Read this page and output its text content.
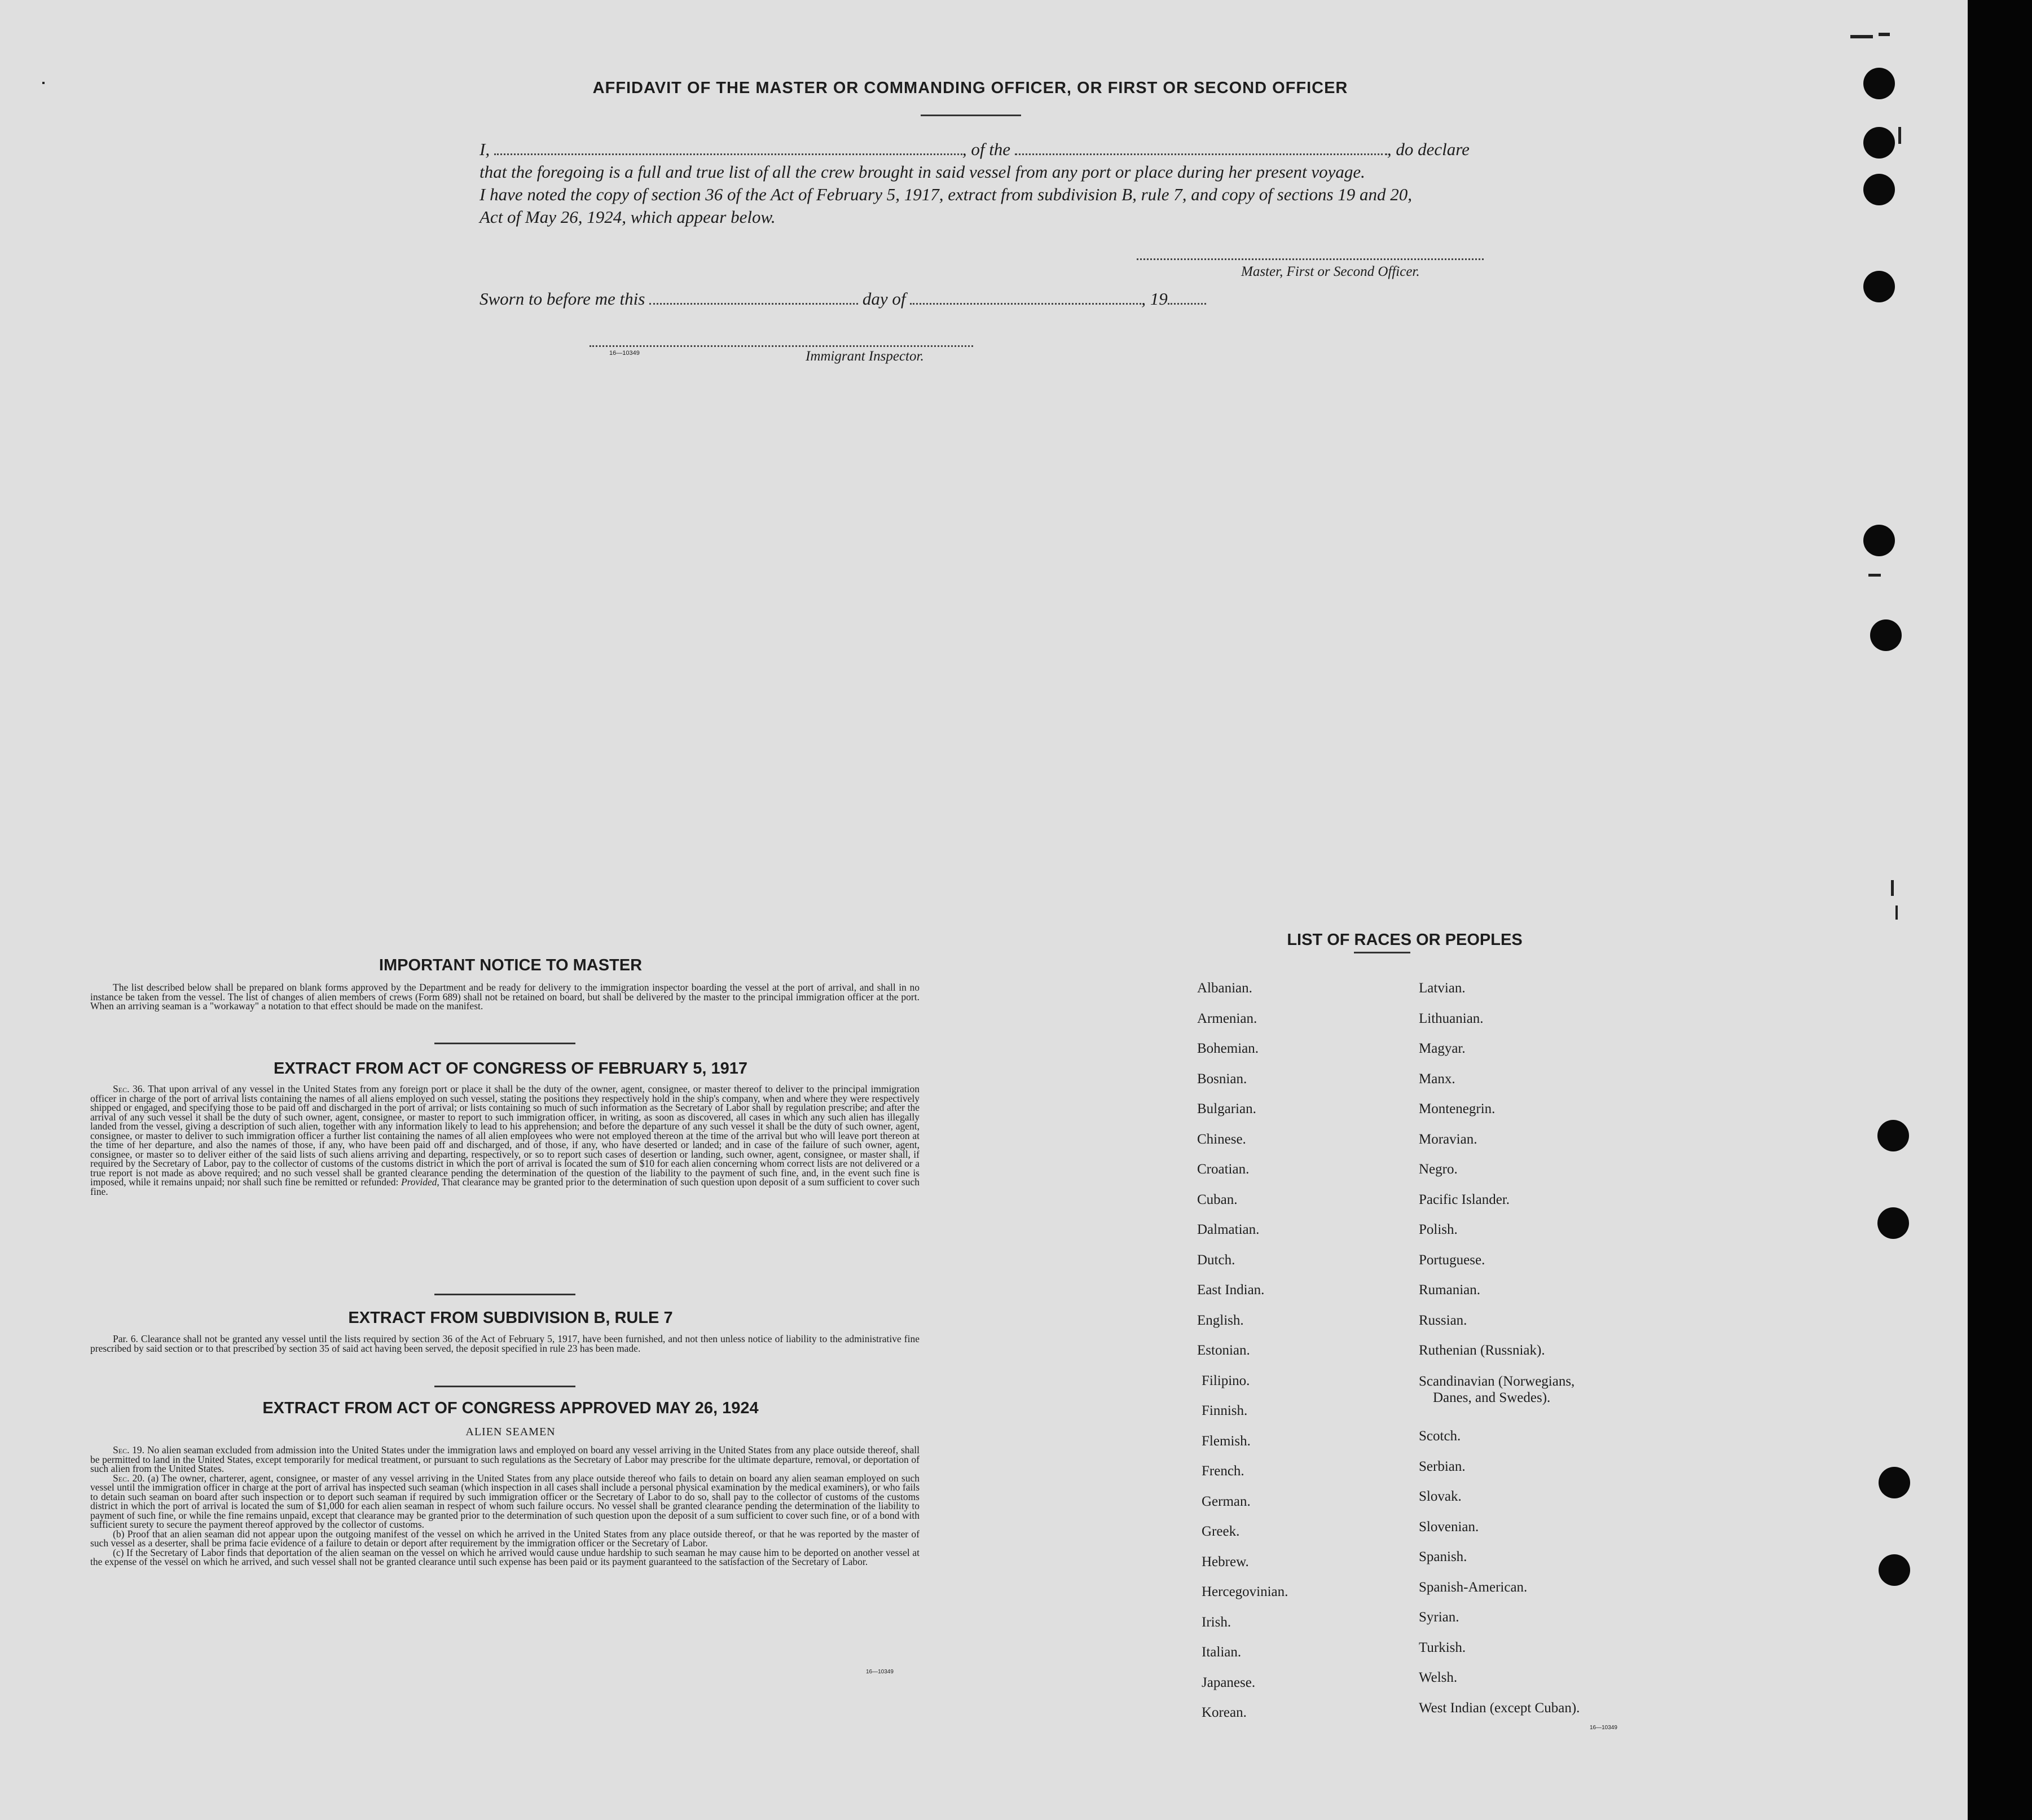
AFFIDAVIT OF THE MASTER OR COMMANDING OFFICER, OR FIRST OR SECOND OFFICER
I,	, of the	, do declare
that the foregoing is a full and true list of all the crew brought in said vessel from any port or place during her present voyage.
I have noted the copy of section 36 of the Act of February 5, 1917, extract from subdivision B, rule 7, and copy of sections 19 and 20,
Act of May 26, 1924, which appear below.
Master, First or Second Officer.
Sworn to before me this	day of	, 19
16—10349	Immigrant Inspector.
IMPORTANT NOTICE TO MASTER

The list described below shall be prepared on blank forms approved by the Department and be ready for delivery to the immigration inspector boarding the vessel at the port of arrival, and shall in no instance be taken from the vessel. The list of changes of alien members of crews (Form 689) shall not be retained on board, but shall be delivered by the master to the principal immigration officer at the port. When an arriving seaman is a "workaway" a notation to that effect should be made on the manifest.

EXTRACT FROM ACT OF CONGRESS OF FEBRUARY 5, 1917

Sec. 36. That upon arrival of any vessel in the United States from any foreign port or place it shall be the duty of the owner, agent, consignee, or master thereof to deliver to the principal immigration officer in charge of the port of arrival lists containing the names of all aliens employed on such vessel, stating the positions they respectively hold in the ship's company, when and where they were respectively shipped or engaged, and specifying those to be paid off and discharged in the port of arrival; or lists containing so much of such information as the Secretary of Labor shall by regulation prescribe; and after the arrival of any such vessel it shall be the duty of such owner, agent, consignee, or master to report to such immigration officer, in writing, as soon as discovered, all cases in which any such alien has illegally landed from the vessel, giving a description of such alien, together with any information likely to lead to his apprehension; and before the departure of any such vessel it shall be the duty of such owner, agent, consignee, or master to deliver to such immigration officer a further list containing the names of all alien employees who were not employed thereon at the time of the arrival but who will leave port thereon at the time of her departure, and also the names of those, if any, who have been paid off and discharged, and of those, if any, who have deserted or landed; and in case of the failure of such owner, agent, consignee, or master so to deliver either of the said lists of such aliens arriving and departing, respectively, or so to report such cases of desertion or landing, such owner, agent, consignee, or master shall, if required by the Secretary of Labor, pay to the collector of customs of the customs district in which the port of arrival is located the sum of $10 for each alien concerning whom correct lists are not delivered or a true report is not made as above required; and no such vessel shall be granted clearance pending the determination of the question of the liability to the payment of such fine, and, in the event such fine is imposed, while it remains unpaid; nor shall such fine be remitted or refunded: Provided, That clearance may be granted prior to the determination of such question upon deposit of a sum sufficient to cover such fine.

EXTRACT FROM SUBDIVISION B, RULE 7

Par. 6. Clearance shall not be granted any vessel until the lists required by section 36 of the Act of February 5, 1917, have been furnished, and not then unless notice of liability to the administrative fine prescribed by said section or to that prescribed by section 35 of said act having been served, the deposit specified in rule 23 has been made.

EXTRACT FROM ACT OF CONGRESS APPROVED MAY 26, 1924
ALIEN SEAMEN

Sec. 19. No alien seaman excluded from admission into the United States under the immigration laws and employed on board any vessel arriving in the United States from any place outside thereof, shall be permitted to land in the United States, except temporarily for medical treatment, or pursuant to such regulations as the Secretary of Labor may prescribe for the ultimate departure, removal, or deportation of such alien from the United States.

Sec. 20. (a) The owner, charterer, agent, consignee, or master of any vessel arriving in the United States from any place outside thereof who fails to detain on board any alien seaman employed on such vessel until the immigration officer in charge at the port of arrival has inspected such seaman (which inspection in all cases shall include a personal physical examination by the medical examiners), or who fails to detain such seaman on board after such inspection or to deport such seaman if required by such immigration officer or the Secretary of Labor to do so, shall pay to the collector of customs of the customs district in which the port of arrival is located the sum of $1,000 for each alien seaman in respect of whom such failure occurs. No vessel shall be granted clearance pending the determination of the liability to payment of such fine, or while the fine remains unpaid, except that clearance may be granted prior to the determination of such question upon the deposit of a sum sufficient to cover such fine, or of a bond with sufficient surety to secure the payment thereof approved by the collector of customs.

(b) Proof that an alien seaman did not appear upon the outgoing manifest of the vessel on which he arrived in the United States from any place outside thereof, or that he was reported by the master of such vessel as a deserter, shall be prima facie evidence of a failure to detain or deport after requirement by the immigration officer or the Secretary of Labor.

(c) If the Secretary of Labor finds that deportation of the alien seaman on the vessel on which he arrived would cause undue hardship to such seaman he may cause him to be deported on another vessel at the expense of the vessel on which he arrived, and such vessel shall not be granted clearance until such expense has been paid or its payment guaranteed to the satisfaction of the Secretary of Labor.

16—10349
LIST OF RACES OR PEOPLES
Albanian.
Armenian.
Bohemian.
Bosnian.
Bulgarian.
Chinese.
Croatian.
Cuban.
Dalmatian.
Dutch.
East Indian.
English.
Estonian.
Filipino.
Finnish.
Flemish.
French.
German.
Greek.
Hebrew.
Hercegovinian.
Irish.
Italian.
Japanese.
Korean.
Latvian.
Lithuanian.
Magyar.
Manx.
Montenegrin.
Moravian.
Negro.
Pacific Islander.
Polish.
Portuguese.
Rumanian.
Russian.
Ruthenian (Russniak).
Scandinavian (Norwegians,
Danes, and Swedes).
Scotch.
Serbian.
Slovak.
Slovenian.
Spanish.
Spanish-American.
Syrian.
Turkish.
Welsh.
West Indian (except Cuban).
16—10349
